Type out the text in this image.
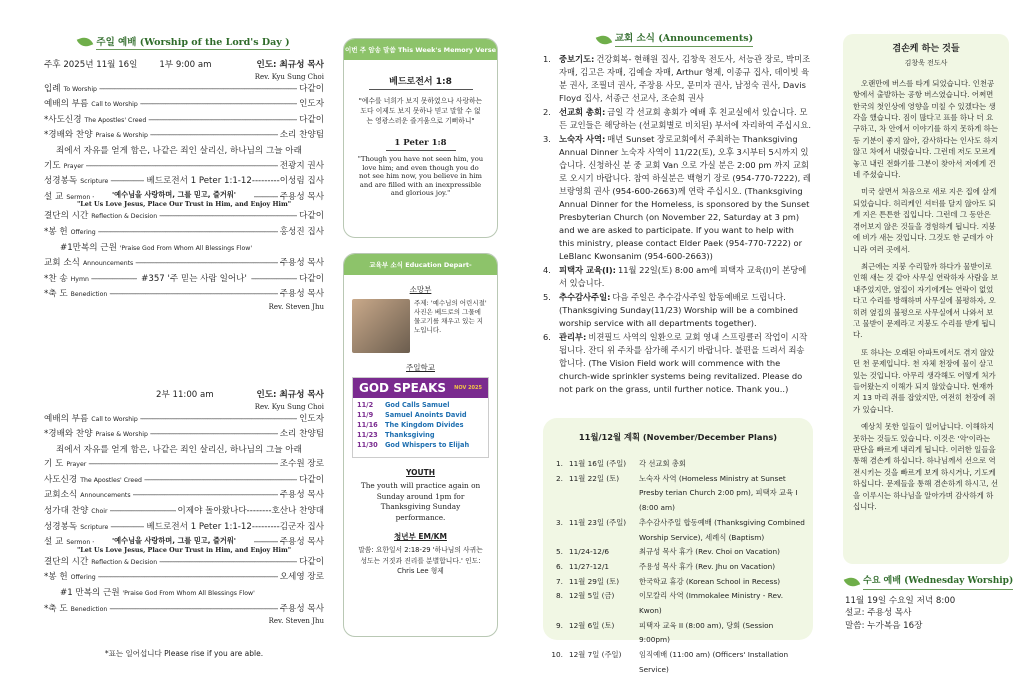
주일 예배 (Worship of the Lord's Day )
주후 2025년 11월 16일	1부 9:00 am	인도: 최규성 목사
Rev. Kyu Sung Choi
입례 To Worship -----	다같이
예배의 부름 Call to Worship -----	인도자
*사도신경 The Apostles' Creed -----	다같이
*경배와 찬양 Praise & Worship -----	소리 찬양팀
죄에서 자유를 얻게 함은, 나같은 죄인 살리신, 하나님의 그늘 아래
기도 Prayer -----	전광지 권사
성경봉독 Scripture -----	베드로전서 1 Peter 1:1-12---------이성림 집사
설 교 Sermon -----	주용성 목사
'예수님을 사랑하며, 그를 믿고, 즐거워'
"Let Us Love Jesus, Place Our Trust in Him, and Enjoy Him"
결단의 시간 Reflection & Decision -----	다같이
*봉 헌 Offering -----	홍성진 집사
#1만복의 근원 'Praise God From Whom All Blessings Flow'
교회 소식 Announcements -----	주용성 목사
*찬 송 Hymn -----	#357 '주 믿는 사람 일어나' -----	다같이
*축 도 Benediction -----	주용성 목사
Rev. Steven Jhu
2부 11:00 am	인도: 최규성 목사
Rev. Kyu Sung Choi
예배의 부름 Call to Worship -----	인도자
*경배와 찬양 Praise & Worship -----	소리 찬양팀
죄에서 자유를 얻게 함은, 나같은 죄인 살리신, 하나님의 그늘 아래
기 도 Prayer -----	조수원 장로
사도신경 The Apostles' Creed -----	다같이
교회소식 Announcements -----	주용성 목사
성가대 찬양 Choir -----	이제야 돌아왔나다--------호산나 찬양대
성경봉독 Scripture -----	베드로전서 1 Peter 1:1-12---------김군자 집사
설 교 Sermon -----	주용성 목사
'예수님을 사랑하며, 그를 믿고, 즐거워'
"Let Us Love Jesus, Place Our Trust in Him, and Enjoy Him"
결단의 시간 Reflection & Decision -----	다같이
*봉 헌 Offering -----	오세영 장로
#1 만복의 근원 'Praise God From Whom All Blessings Flow'
*축 도 Benediction -----	주용성 목사
Rev. Steven Jhu
*표는 일어섭니다 Please rise if you are able.
이번 주 암송 말씀 This Week's Memory Verse
베드로전서 1:8
"예수를 너희가 보지 못하였으나 사랑하는도다 이제도 보지 못하나 믿고 말할 수 없는 영광스러운 즐거움으로 기뻐하니"
1 Peter 1:8
"Though you have not seen him, you love him; and even though you do not see him now, you believe in him and are filled with an inexpressible and glorious joy."
교육부 소식 Education Depart-
소망부
주제: '예수님의 어린시절' 사진은 베드로의 그물에 물고기를 채우고 있는 지노입니다.
주일학교
GOD SPEAKS NOV 2025
11/2	God Calls Samuel
11/9	Samuel Anoints David
11/16 The Kingdom Divides
11/23 Thanksgiving
11/30 God Whispers to Elijah
YOUTH
The youth will practice again on Sunday around 1pm for Thanksgiving Sunday performance.
청년부 EM/KM
말씀: 요한일서 2:18-29 '하나님의 사귀는 성도는 거짓과 진리를 분별합니다.' 인도: Chris Lee 형제
교회 소식 (Announcements)
1. 중보기도: 건강회복- 현해원 집사, 김창욱 전도사, 서능관 장로, 박미조 자매, 김고은 자매, 김예슬 자매, Arthur 형제, 이종규 집사, 데이빗 육분 권사, 조필녀 권사, 주장용 사모, 문미자 권사, 남정숙 권사, Davis Floyd 집사, 서종근 선교사, 조순희 권사
2. 선교회 총회: 금일 각 선교회 총회가 예배 후 친교실에서 있습니다. 모든 교인들은 해당하는 (선교회별로 비치된) 부서에 자리하여 주십시요.
3. 노숙자 사역: 매년 Sunset 장로교회에서 주최하는 Thanksgiving Annual Dinner 노숙자 사역이 11/22(토), 오후 3시부터 5시까지 있습니다. 신청하신 분 중 교회 Van 으로 가실 분은 2:00 pm 까지 교회로 오시기 바랍니다. 참여 하실분은 백형기 장로 (954-770-7222), 레브랑영희 권사 (954-600-2663)께 연락 주십시오. (Thanksgiving Annual Dinner for the Homeless, is sponsored by the Sunset Presbyterian Church (on November 22, Saturday at 3 pm) and we are asked to participate. If you want to help with this ministry, please contact Elder Paek (954-770-7222) or LeBlanc Kwonsanim (954-600-2663))
4. 피택자 교육(I): 11월 22일(토) 8:00 am에 피택자 교육(I)이 본당에서 있습니다.
5. 추수감사주일: 다음 주일은 추수감사주일 합동예배로 드립니다. (Thanksgiving Sunday(11/23) Worship will be a combined worship service with all departments together).
6. 관리부: 비젼필드 사역의 일환으로 교회 영내 스프링클러 작업이 시작됩니다. 잔디 위 주차를 삼가해 주시기 바랍니다. 불편을 드려서 죄송합니다. (The Vision Field work will commence with the church-wide sprinkler systems being revitalized. Please do not park on the grass, until further notice. Thank you..)
11월/12월 계획 (November/December Plans)
1. 11월 16일 (주일)	각 선교회 총회
2. 11월 22일 (토)	노숙자 사역 (Homeless Ministry at Sunset Presby terian Church 2:00 pm), 피택자 교육 I (8:00 am)
3. 11월 23일 (주일)	추수감사주일 합동예배 (Thanksgiving Combined Worship Service), 세례식 (Baptism)
5. 11/24-12/6	최규성 목사 휴가 (Rev. Choi on Vacation)
6. 11/27-12/1	주용성 목사 휴가 (Rev. Jhu on Vacation)
7. 11월 29일 (토)	한국학교 휴강 (Korean School in Recess)
8. 12월 5일 (금)	이모칼리 사역 (Immokalee Ministry - Rev. Kwon)
9. 12월 6일 (토)	피택자 교육 II (8:00 am), 당회 (Session 9:00pm)
10. 12월 7일 (주일)	임직예배 (11:00 am) (Officers' Installation Service)
겸손케 하는 것들
김창욱 전도사

오랜만에 버스를 타게 되었습니다. 인천공항에서 출발하는 공항 버스였습니다. 어쩌면 한국의 첫인상에 영향을 미칠 수 있겠다는 생각을 했습니다. 짐이 많다고 표를 하나 더 요구하고, 차 안에서 이야기를 하지 못하게 하는 등 기분이 좋지 않아, 감사하다는 인사도 하지 않고 차에서 내렸습니다. 그런데 저도 모르게 놓고 내린 전화기를 그분이 찾아서 저에게 건네 주셨습니다.

미국 살면서 처음으로 새로 지은 집에 살게 되었습니다. 허리케인 셔터를 달지 않아도 되게 지은 튼튼한 집입니다. 그런데 그 동안은 겪어보지 않은 것들을 경험하게 됩니다. 지붕에 비가 새는 것입니다. 그것도 한 군데가 아니라 여러 곳에서.

최근에는 지붕 수리할까 하다가 물받이로 인해 새는 것 같아 사무실 연락하자 사람을 보내주었지만, 옆집이 자기에게는 연락이 없었다고 수리를 방해하며 사무실에 불평하자, 오히려 옆집의 불평으로 사무실에서 나와서 보고 물받이 문제라고 지붕도 수리를 받게 됩니다.

또 하나는 오래된 아파트에서도 겪지 않았던 천 문제입니다. 천 자체 천장에 물이 살고 있는 것입니다. 아무리 생각해도 어떻게 처가 들어왔는지 이해가 되지 않았습니다. 현재까지 13 마리 쥐를 잡았지만, 여전히 천장에 쥐가 있습니다.

예상치 못한 일들이 일어납니다. 이해하지 못하는 것들도 있습니다. 이것은 '악'이라는 판단을 빠르게 내리게 됩니다. 이러한 일들을 통해 겸손케 하십니다. 하나님께서 선으로 역전시키는 것을 빠르게 보게 하시거나, 기도케 하십니다. 문제들을 통해 겸손하게 하시고, 선을 이루시는 하나님을 알아가며 감사하게 하십니다.

수요 예배 (Wednesday Worship)
11월 19일 수요일 저녁 8:00
설교: 주용성 목사
말씀: 누가복음 16장
